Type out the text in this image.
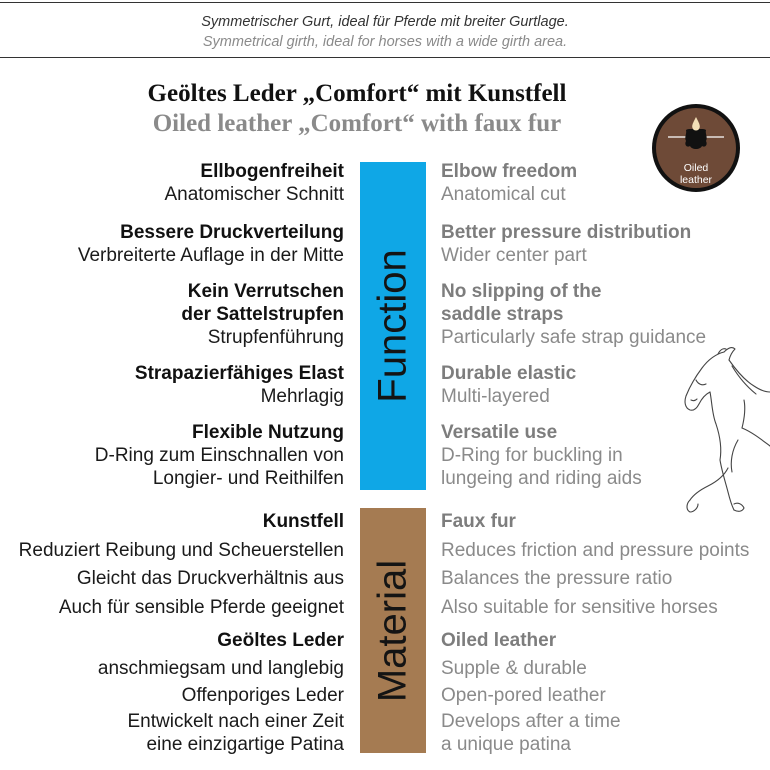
Symmetrischer Gurt, ideal für Pferde mit breiter Gurtlage.
Symmetrical girth, ideal for horses with a wide girth area.
Geöltes Leder „Comfort“ mit Kunstfell
Oiled leather „Comfort“ with faux fur
Oiled
leather
Function
Material
Ellbogenfreiheit
Anatomischer Schnitt
Bessere Druckverteilung
Verbreiterte Auflage in der Mitte
Kein Verrutschen
der Sattelstrupfen
Strupfenführung
Strapazierfähiges Elast
Mehrlagig
Flexible Nutzung
D-Ring zum Einschnallen von
Longier- und Reithilfen
Elbow freedom
Anatomical cut
Better pressure distribution
Wider center part
No slipping of the
saddle straps
Particularly safe strap guidance
Durable elastic
Multi-layered
Versatile use
D-Ring for buckling in
lungeing and riding aids
Kunstfell
Reduziert Reibung und Scheuerstellen
Gleicht das Druckverhältnis aus
Auch für sensible Pferde geeignet
Geöltes Leder
anschmiegsam und langlebig
Offenporiges Leder
Entwickelt nach einer Zeit
eine einzigartige Patina
Faux fur
Reduces friction and pressure points
Balances the pressure ratio
Also suitable for sensitive horses
Oiled leather
Supple & durable
Open-pored leather
Develops after a time
a unique patina
